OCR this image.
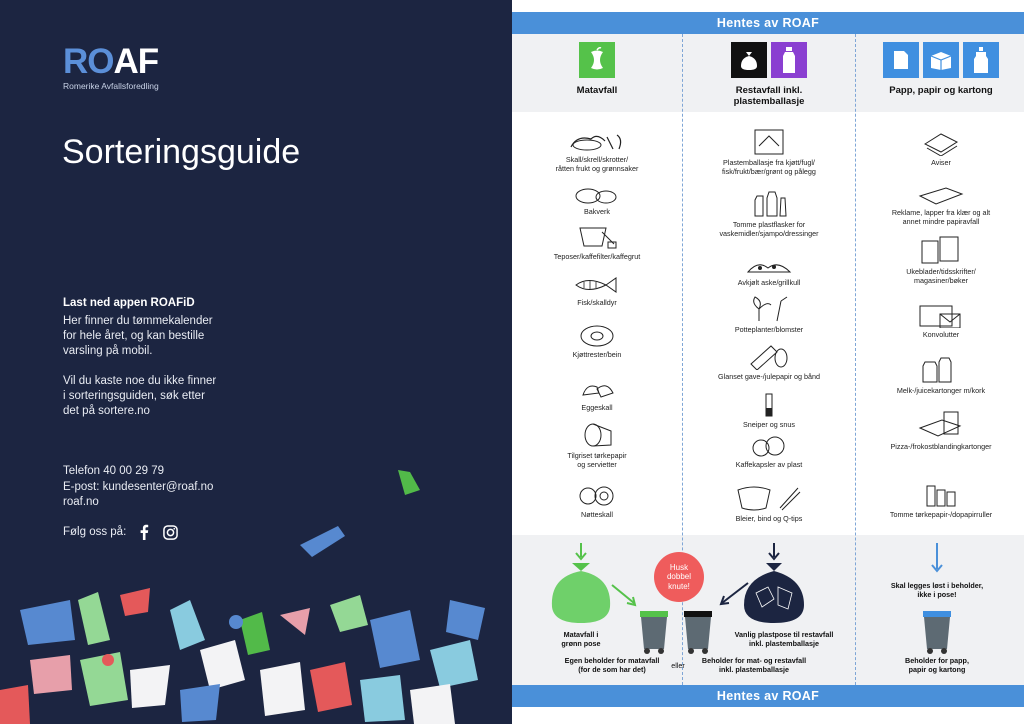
ROAF
Romerike Avfallsforedling
Sorteringsguide
Last ned appen ROAFiD

Her finner du tømmekalender
for hele året, og kan bestille
varsling på mobil.

Vil du kaste noe du ikke finner
i sorteringsguiden, søk etter
det på sortere.no

Telefon 40 00 29 79
E-post: kundesenter@roaf.no
roaf.no
Følg oss på:
Hentes av ROAF
Matavfall	Restavfall inkl.
plastemballasje
Papp, papir og kartong
Skall/skrell/skrotter/
råtten frukt og grønnsaker
Bakverk
Teposer/kaffefilter/kaffegrut
Fisk/skalldyr
Kjøttrester/bein
Eggeskall
Tilgriset tørkepapir
og servietter
Nøtteskall
Plastemballasje fra kjøtt/fugl/
fisk/frukt/bær/grønt og pålegg
Tomme plastflasker for
vaskemidler/sjampo/dressinger
Avkjølt aske/grillkull
Potteplanter/blomster
Glanset gave-/julepapir og bånd
Sneiper og snus
Kaffekapsler av plast
Bleier, bind og Q-tips
Aviser
Reklame, lapper fra klær og alt
annet mindre papiravfall
Ukeblader/tidsskrifter/
magasiner/bøker
Konvolutter
Melk-/juicekartonger m/kork
Pizza-/frokostblandingkartonger
Tomme tørkepapir-/dopapirruller
Husk
dobbel
knute!
Matavfall i
grønn pose
Vanlig plastpose til restavfall
inkl. plastemballasje
Egen beholder for matavfall
(for de som har det)	eller
Beholder for mat- og restavfall
inkl. plastemballasje
Skal legges løst i beholder,
ikke i pose!
Beholder for papp,
papir og kartong
Hentes av ROAF
